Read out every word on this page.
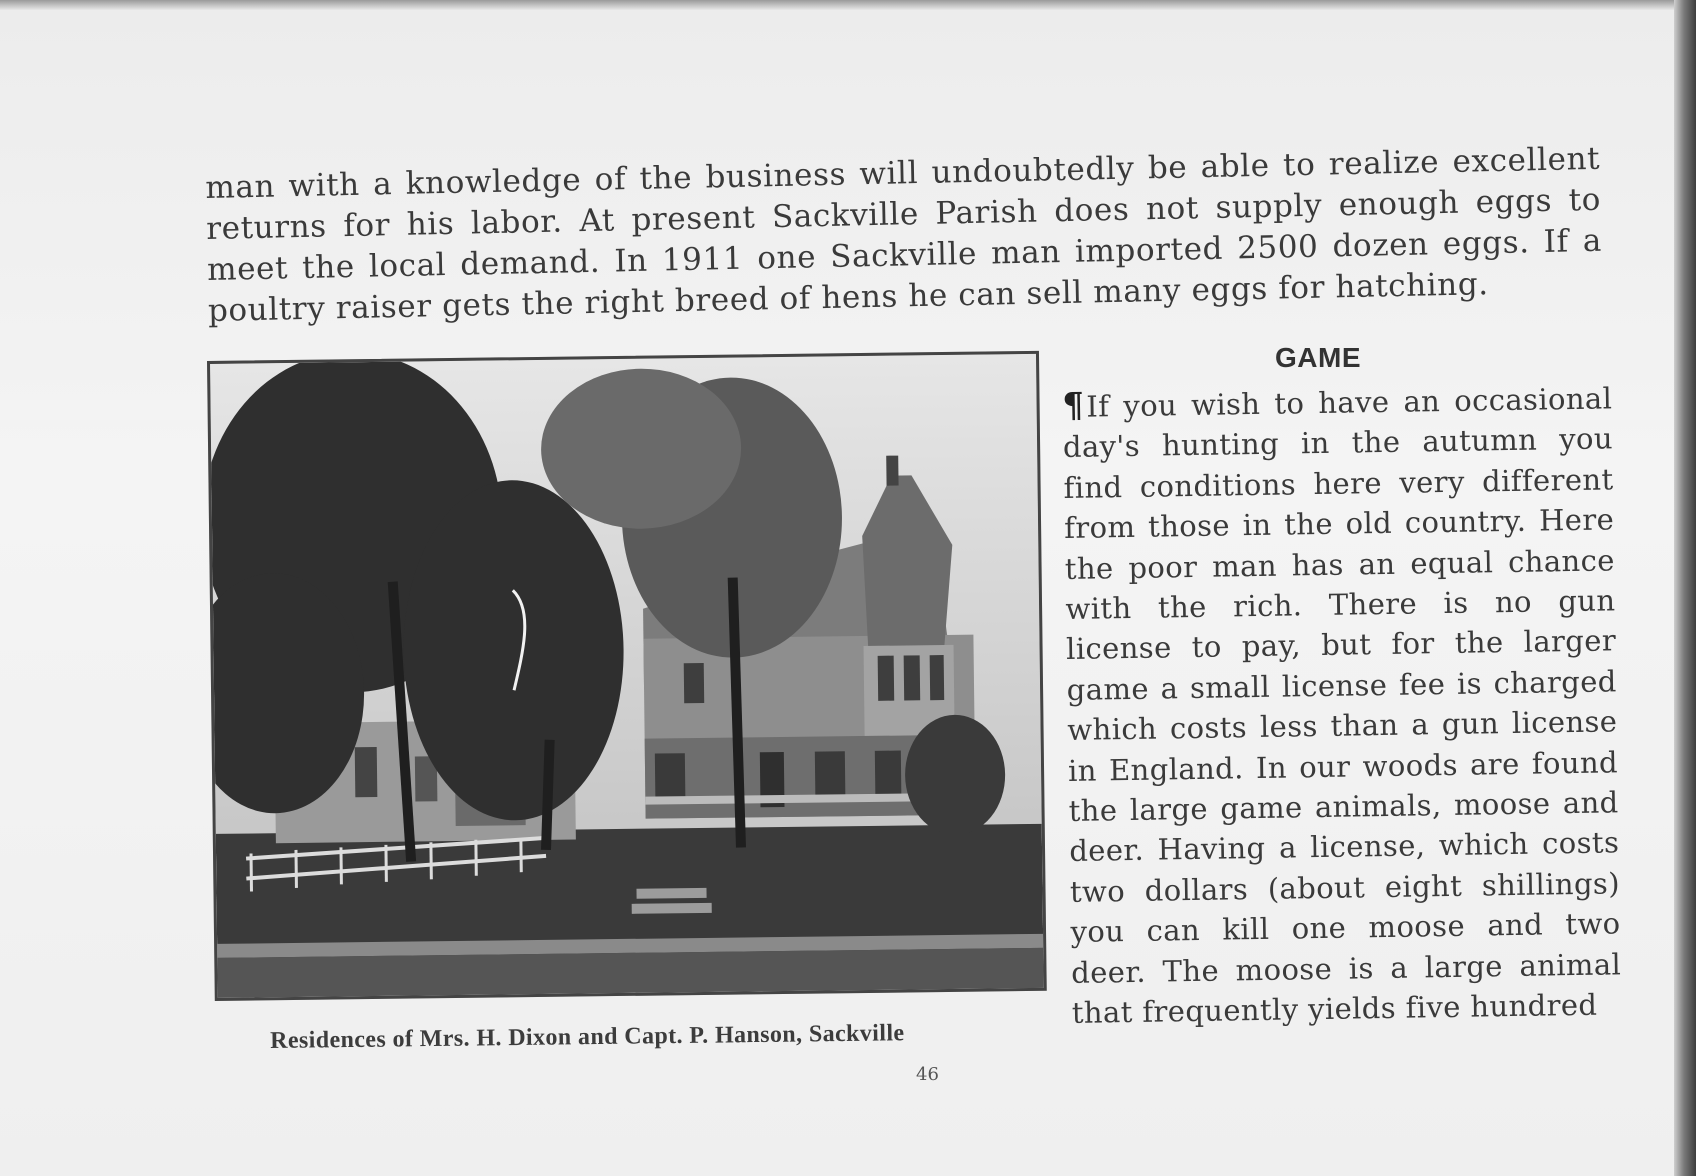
man with a knowledge of the business will undoubtedly be able to realize excellent returns for his labor. At present Sackville Parish does not supply enough eggs to meet the local demand. In 1911 one Sackville man imported 2500 dozen eggs. If a poultry raiser gets the right breed of hens he can sell many eggs for hatching.

Residences of Mrs. H. Dixon and Capt. P. Hanson, Sackville

GAME

¶If you wish to have an occasional day's hunting in the autumn you find conditions here very different from those in the old country. Here the poor man has an equal chance with the rich. There is no gun license to pay, but for the larger game a small license fee is charged which costs less than a gun license in England. In our woods are found the large game animals, moose and deer. Having a license, which costs two dollars (about eight shillings) you can kill one moose and two deer. The moose is a large animal that frequently yields five hundred

46
